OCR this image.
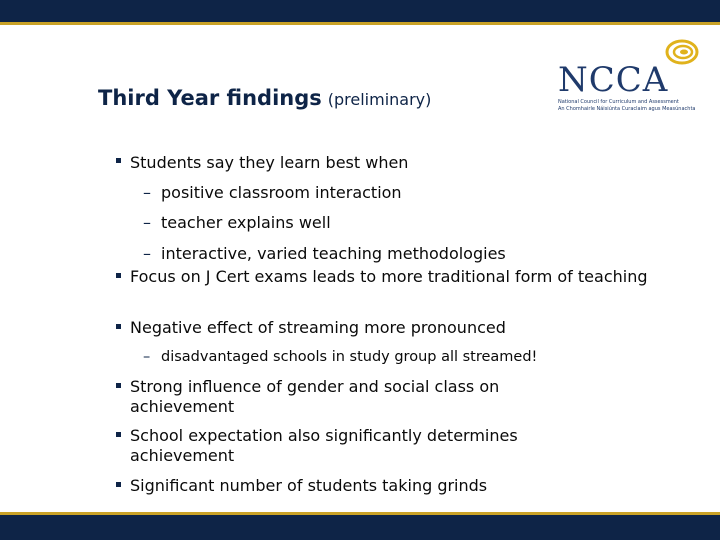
Third Year findings (preliminary)	NCCA
National Council for Curriculum and Assessment
An Chomhairle Náisiúnta Curaclaim agus Measúnachta
Students say they learn best when
– positive classroom interaction
– teacher explains well
– interactive, varied teaching methodologies
Focus on J Cert exams leads to more traditional form of teaching
Negative effect of streaming more pronounced
– disadvantaged schools in study group all streamed!
Strong influence of gender and social class on achievement
School expectation also significantly determines achievement
Significant number of students taking grinds
